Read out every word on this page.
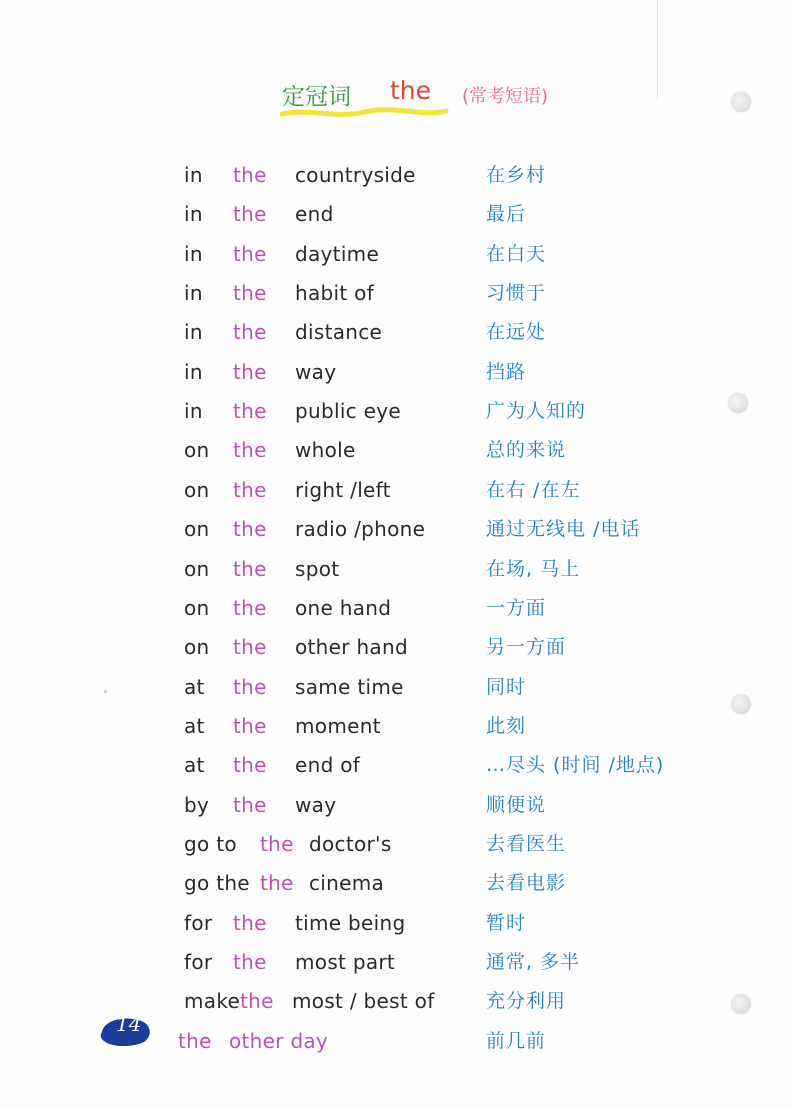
定冠词 the (常考短语)
in the countryside	在乡村
in the end	最后
in the daytime	在白天
in the habit of	习惯于
in the distance	在远处
in the way	挡路
in the public eye	广为人知的
on the whole	总的来说
on the right /left	在右 /在左
on the radio /phone	通过无线电 /电话
on the spot	在场, 马上
on the one hand	一方面
on the other hand	另一方面
at the same time	同时
at the moment	此刻
at the end of	…尽头 (时间 /地点)
by the way	顺便说
go to the doctor's	去看医生
go the the cinema	去看电影
for the time being	暂时
for the most part	通常, 多半
make the most / best of	充分利用
the other day	前几前
14
